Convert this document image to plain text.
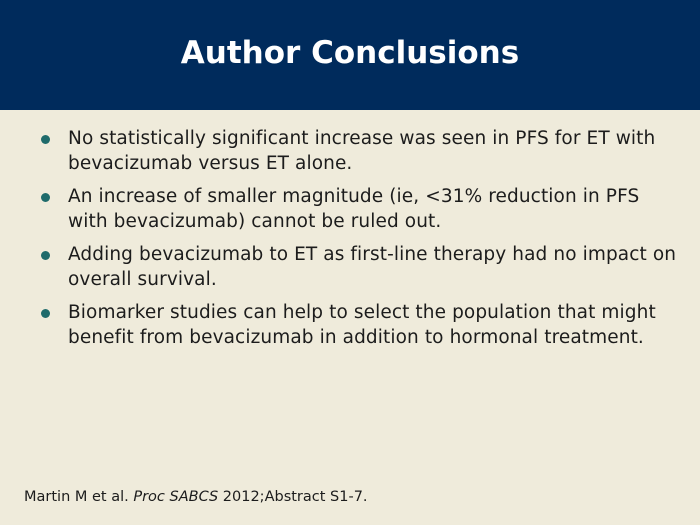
Author Conclusions
No statistically significant increase was seen in PFS for ET with bevacizumab versus ET alone.
An increase of smaller magnitude (ie, <31% reduction in PFS with bevacizumab) cannot be ruled out.
Adding bevacizumab to ET as first-line therapy had no impact on overall survival.
Biomarker studies can help to select the population that might benefit from bevacizumab in addition to hormonal treatment.
Martin M et al. Proc SABCS 2012;Abstract S1-7.
